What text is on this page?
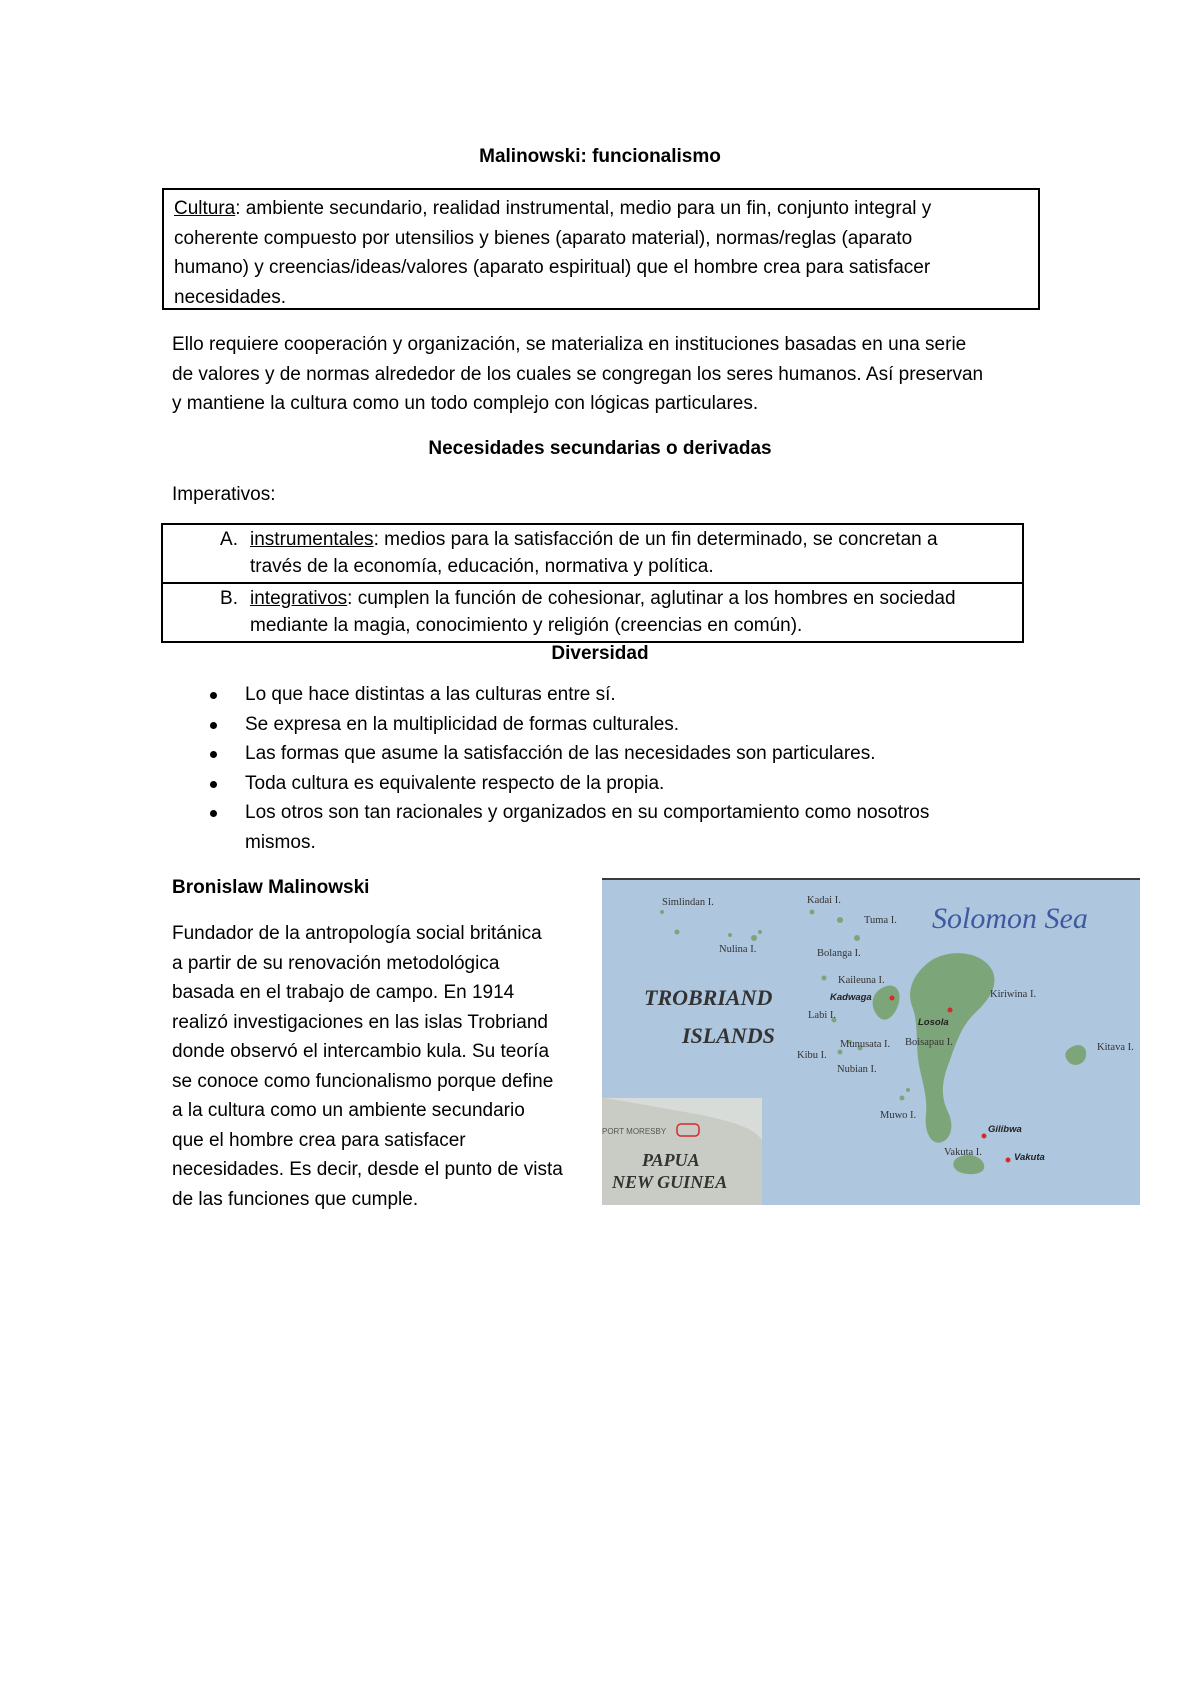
Malinowski: funcionalismo
Cultura: ambiente secundario, realidad instrumental, medio para un fin, conjunto integral y
coherente compuesto por utensilios y bienes (aparato material), normas/reglas (aparato
humano) y creencias/ideas/valores (aparato espiritual) que el hombre crea para satisfacer
necesidades.
Ello requiere cooperación y organización, se materializa en instituciones basadas en una serie
de valores y de normas alrededor de los cuales se congregan los seres humanos. Así preservan
y mantiene la cultura como un todo complejo con lógicas particulares.
Necesidades secundarias o derivadas
Imperativos:
A. instrumentales: medios para la satisfacción de un fin determinado, se concretan a
través de la economía, educación, normativa y política.
B. integrativos: cumplen la función de cohesionar, aglutinar a los hombres en sociedad
mediante la magia, conocimiento y religión (creencias en común).
Diversidad
Lo que hace distintas a las culturas entre sí.
Se expresa en la multiplicidad de formas culturales.
Las formas que asume la satisfacción de las necesidades son particulares.
Toda cultura es equivalente respecto de la propia.
Los otros son tan racionales y organizados en su comportamiento como nosotros
mismos.
Bronislaw Malinowski
Fundador de la antropología social británica
a partir de su renovación metodológica
basada en el trabajo de campo. En 1914
realizó investigaciones en las islas Trobriand
donde observó el intercambio kula. Su teoría
se conoce como funcionalismo porque define
a la cultura como un ambiente secundario
que el hombre crea para satisfacer
necesidades. Es decir, desde el punto de vista
de las funciones que cumple.
Solomon Sea
TROBRIAND
ISLANDS
PAPUA
NEW GUINEA
PORT MORESBY
Simlindan I.	Kadai I.
Tuma I.
Nulina I.	Bolanga I.
Kaileuna I.
Kiriwina I.
Labi I.
Boisapau I.
Munusata I.
Kibu I.
Nubian I.
Kitava I.
Muwo I.
Vakuta I.
Kadwaga
Losola
Gilibwa
Vakuta
